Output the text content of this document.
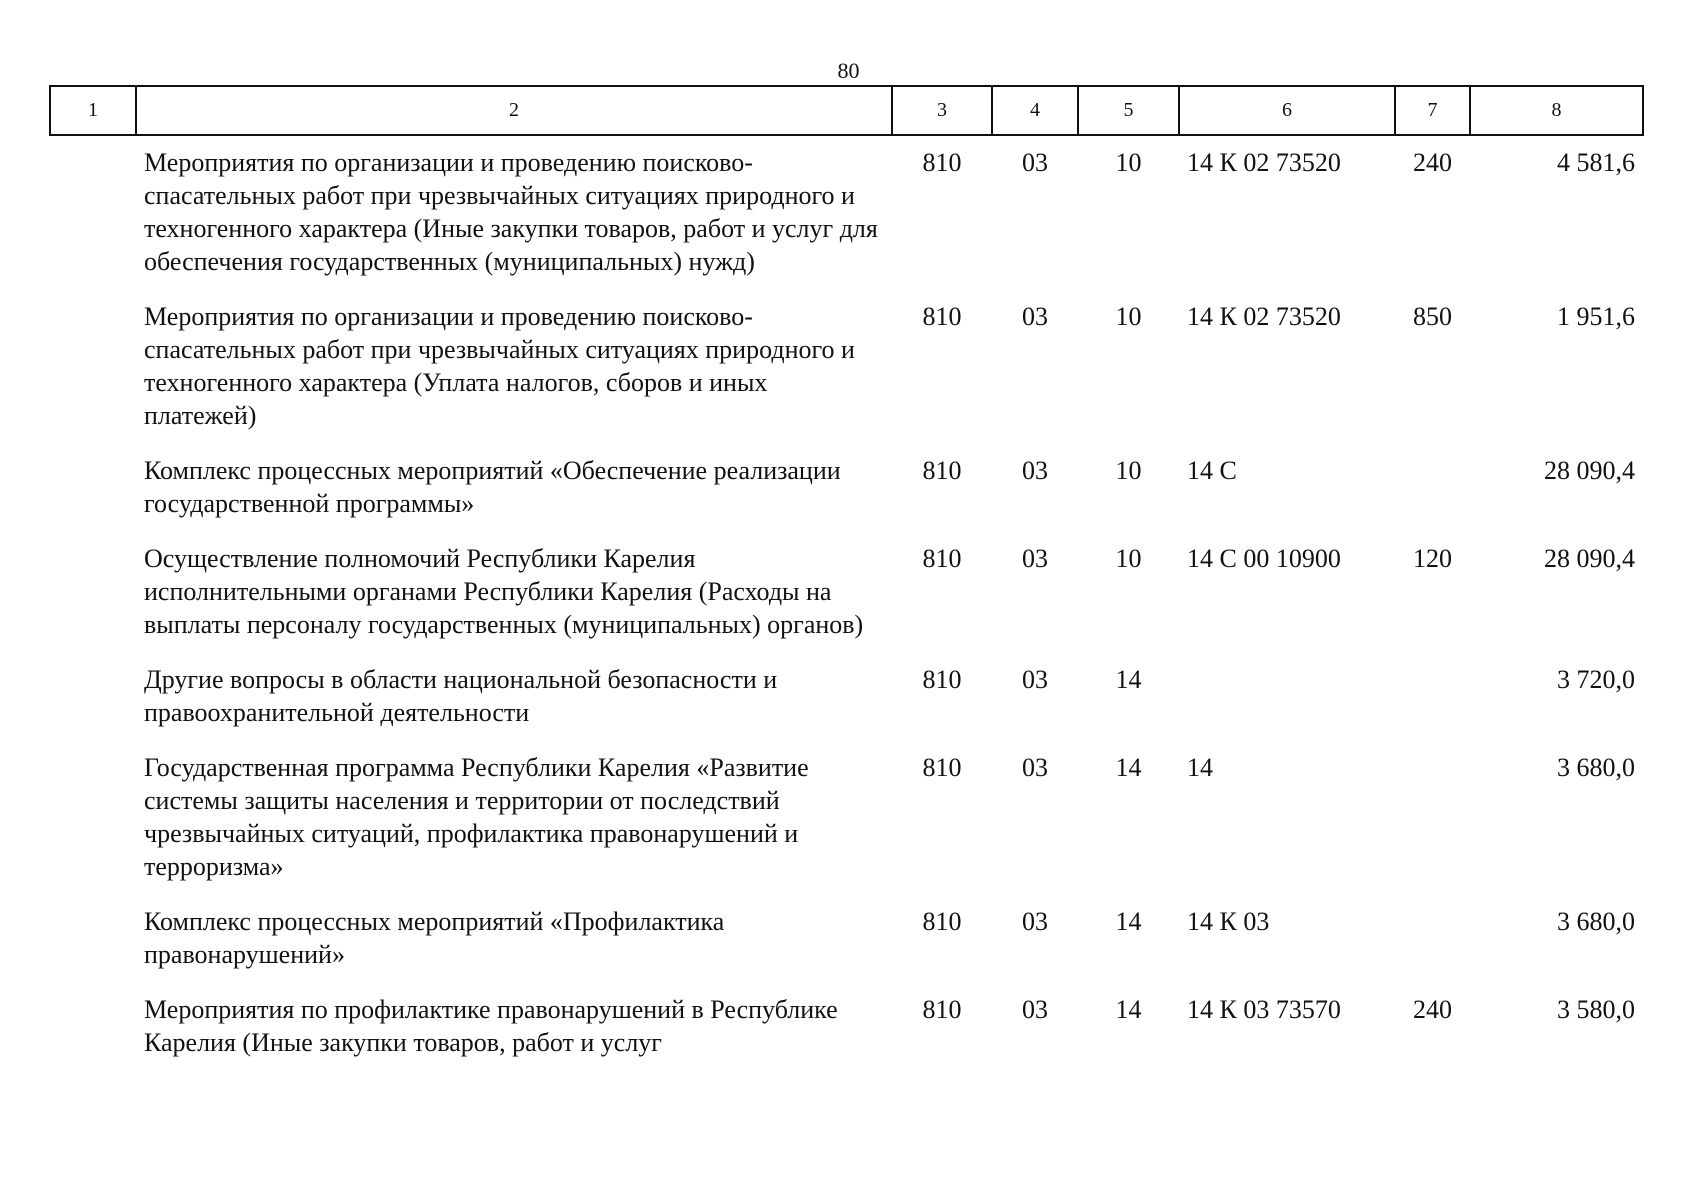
80
1	2	3	4	5	6	7	8
	Мероприятия по организации и проведению поисково-спасательных работ при чрезвычайных ситуациях природного и техногенного характера (Иные закупки товаров, работ и услуг для обеспечения государственных (муниципальных) нужд)	810	03	10	14 К 02 73520	240	4 581,6
	Мероприятия по организации и проведению поисково-спасательных работ при чрезвычайных ситуациях природного и техногенного характера (Уплата налогов, сборов и иных платежей)	810	03	10	14 К 02 73520	850	1 951,6
	Комплекс процессных мероприятий «Обеспечение реализации государственной программы»	810	03	10	14 С		28 090,4
	Осуществление полномочий Республики Карелия исполнительными органами Республики Карелия (Расходы на выплаты персоналу государственных (муниципальных) органов)	810	03	10	14 С 00 10900	120	28 090,4
	Другие вопросы в области национальной безопасности и правоохранительной деятельности	810	03	14			3 720,0
	Государственная программа Республики Карелия «Развитие системы защиты населения и территории от последствий чрезвычайных ситуаций, профилактика правонарушений и терроризма»	810	03	14	14		3 680,0
	Комплекс процессных мероприятий «Профилактика правонарушений»	810	03	14	14 К 03		3 680,0
	Мероприятия по профилактике правонарушений в Республике Карелия (Иные закупки товаров, работ и услуг	810	03	14	14 К 03 73570	240	3 580,0
